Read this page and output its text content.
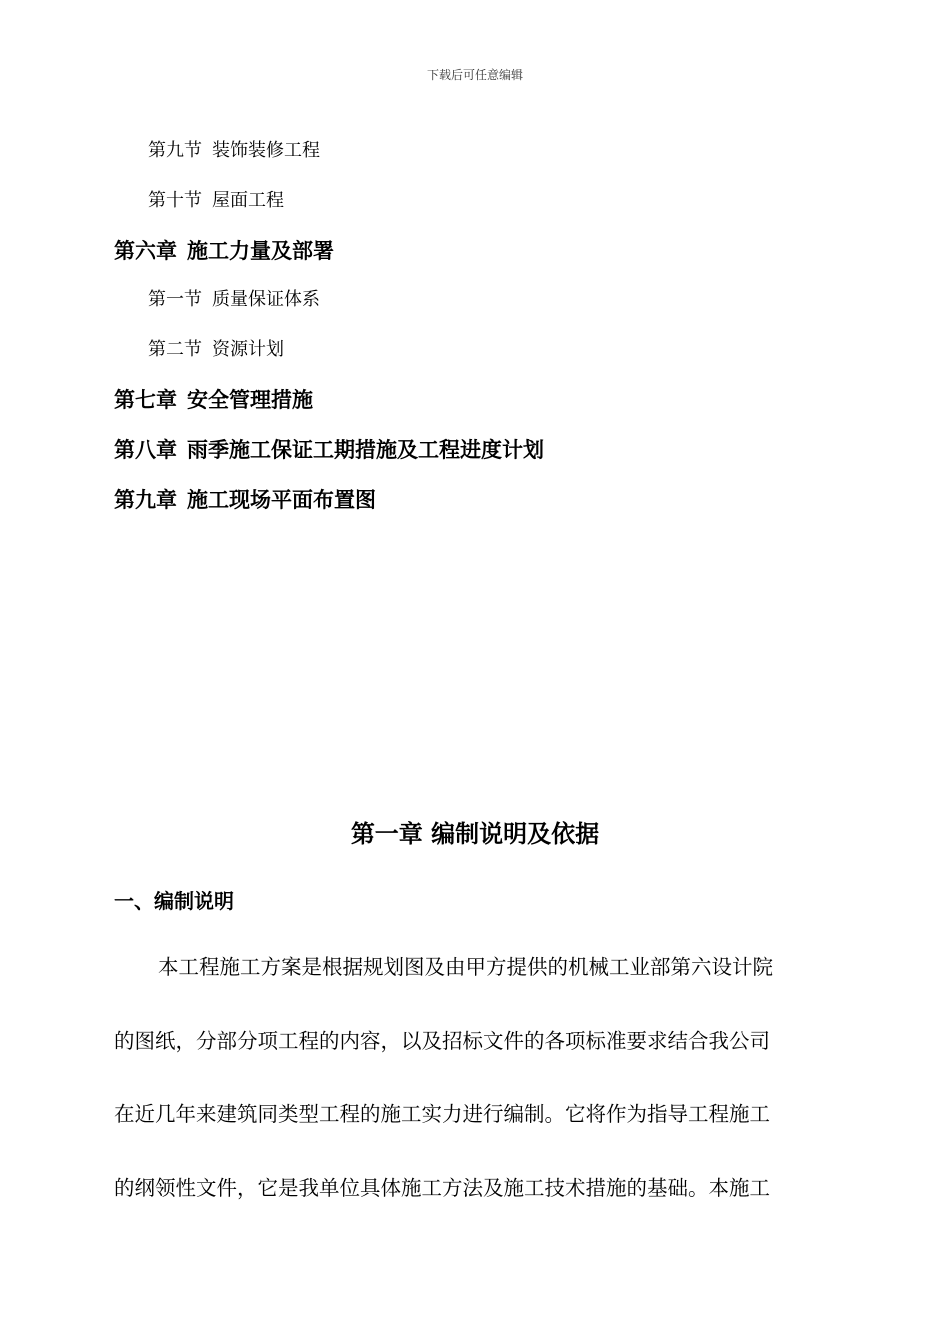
下载后可任意编辑
第九节 装饰装修工程
第十节 屋面工程
第六章 施工力量及部署
第一节 质量保证体系
第二节 资源计划
第七章 安全管理措施
第八章 雨季施工保证工期措施及工程进度计划
第九章 施工现场平面布置图
第一章 编制说明及依据
一、编制说明
本工程施工方案是根据规划图及由甲方提供的机械工业部第六设计院
的图纸，分部分项工程的内容，以及招标文件的各项标准要求结合我公司
在近几年来建筑同类型工程的施工实力进行编制。它将作为指导工程施工
的纲领性文件，它是我单位具体施工方法及施工技术措施的基础。本施工
